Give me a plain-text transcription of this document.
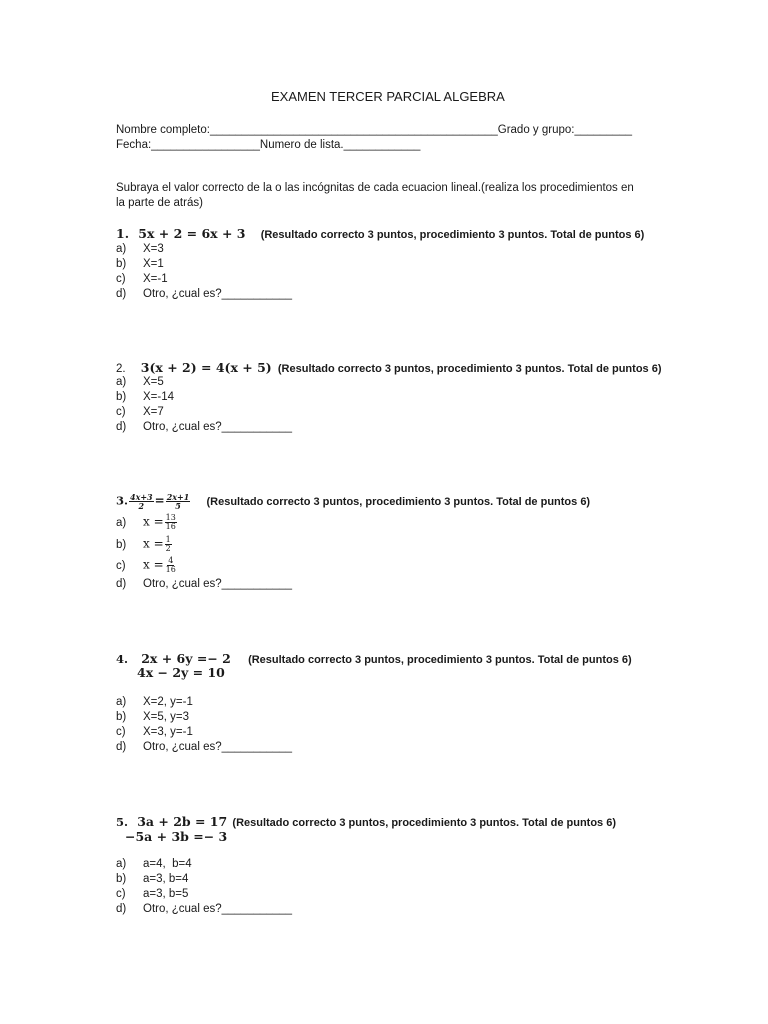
EXAMEN TERCER PARCIAL ALGEBRA
Nombre completo:_____________________________________________Grado y grupo:_________
Fecha:_________________Numero de lista.____________
Subraya el valor correcto de la o las incógnitas de cada ecuacion lineal.(realiza los procedimientos en
la parte de atrás)
1. 5x + 2 = 6x + 3 (Resultado correcto 3 puntos, procedimiento 3 puntos. Total de puntos 6)
a) X=3
b) X=1
c) X=-1
d) Otro, ¿cual es?___________
2. 3(x + 2) = 4(x + 5) (Resultado correcto 3 puntos, procedimiento 3 puntos. Total de puntos 6)
a) X=5
b) X=-14
c) X=7
d) Otro, ¿cual es?___________
3. $\frac{4x+3}{2} = \frac{2x+1}{5}$ (Resultado correcto 3 puntos, procedimiento 3 puntos. Total de puntos 6)
a) $x = \frac{13}{16}$
b) $x = \frac{1}{2}$
c) $x = \frac{4}{16}$
d) Otro, ¿cual es?___________
4. 2x + 6y =− 2 (Resultado correcto 3 puntos, procedimiento 3 puntos. Total de puntos 6)
4x − 2y = 10
a) X=2, y=-1
b) X=5, y=3
c) X=3, y=-1
d) Otro, ¿cual es?___________
5. 3a + 2b = 17 (Resultado correcto 3 puntos, procedimiento 3 puntos. Total de puntos 6)
−5a + 3b =− 3
a) a=4,  b=4
b) a=3, b=4
c) a=3, b=5
d) Otro, ¿cual es?___________
